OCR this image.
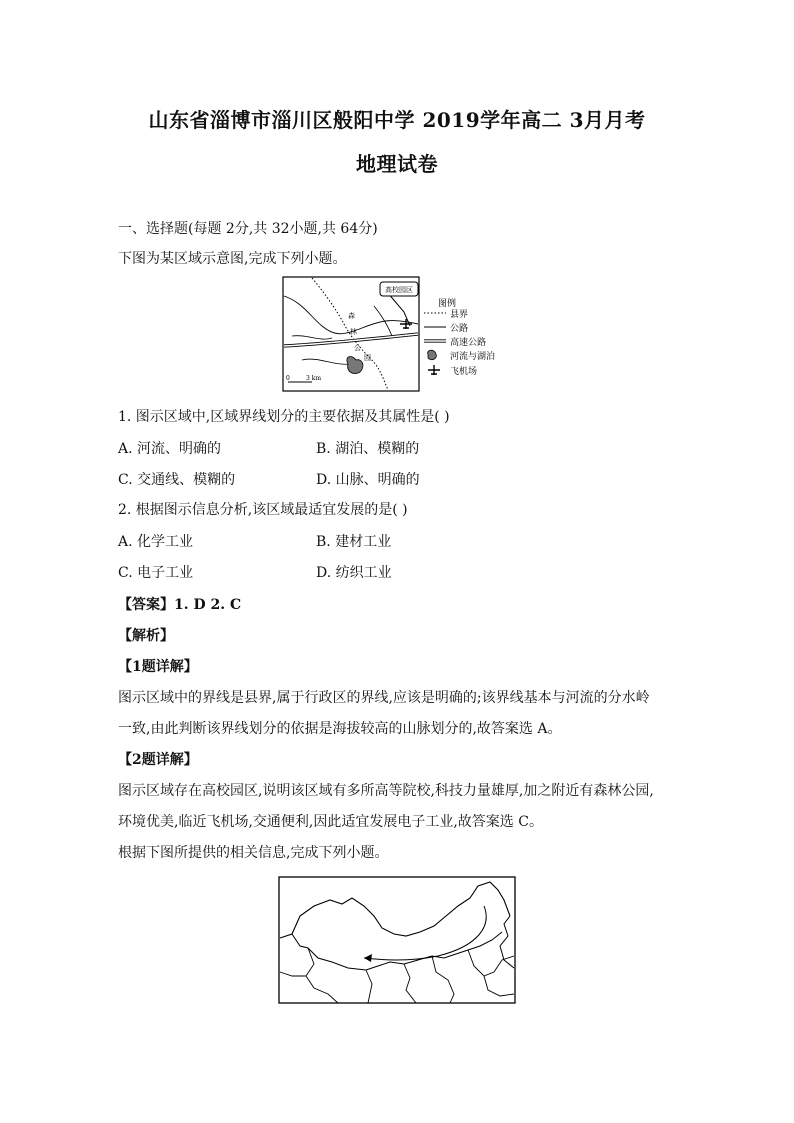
山东省淄博市淄川区般阳中学 2019学年高二 3月月考
地理试卷
一、选择题(每题 2分,共 32小题,共 64分)
下图为某区域示意图,完成下列小题。
高校园区
森
林
公
园
0	3 km
图例
县界
公路
高速公路
河流与湖泊
飞机场
1. 图示区域中,区域界线划分的主要依据及其属性是( )
A. 河流、明确的	B. 湖泊、模糊的
C. 交通线、模糊的	D. 山脉、明确的
2. 根据图示信息分析,该区域最适宜发展的是( )
A. 化学工业	B. 建材工业
C. 电子工业	D. 纺织工业
【答案】1. D 2. C
【解析】
【1题详解】
图示区域中的界线是县界,属于行政区的界线,应该是明确的;该界线基本与河流的分水岭
一致,由此判断该界线划分的依据是海拔较高的山脉划分的,故答案选 A。
【2题详解】
图示区域存在高校园区,说明该区域有多所高等院校,科技力量雄厚,加之附近有森林公园,
环境优美,临近飞机场,交通便利,因此适宜发展电子工业,故答案选 C。
根据下图所提供的相关信息,完成下列小题。
